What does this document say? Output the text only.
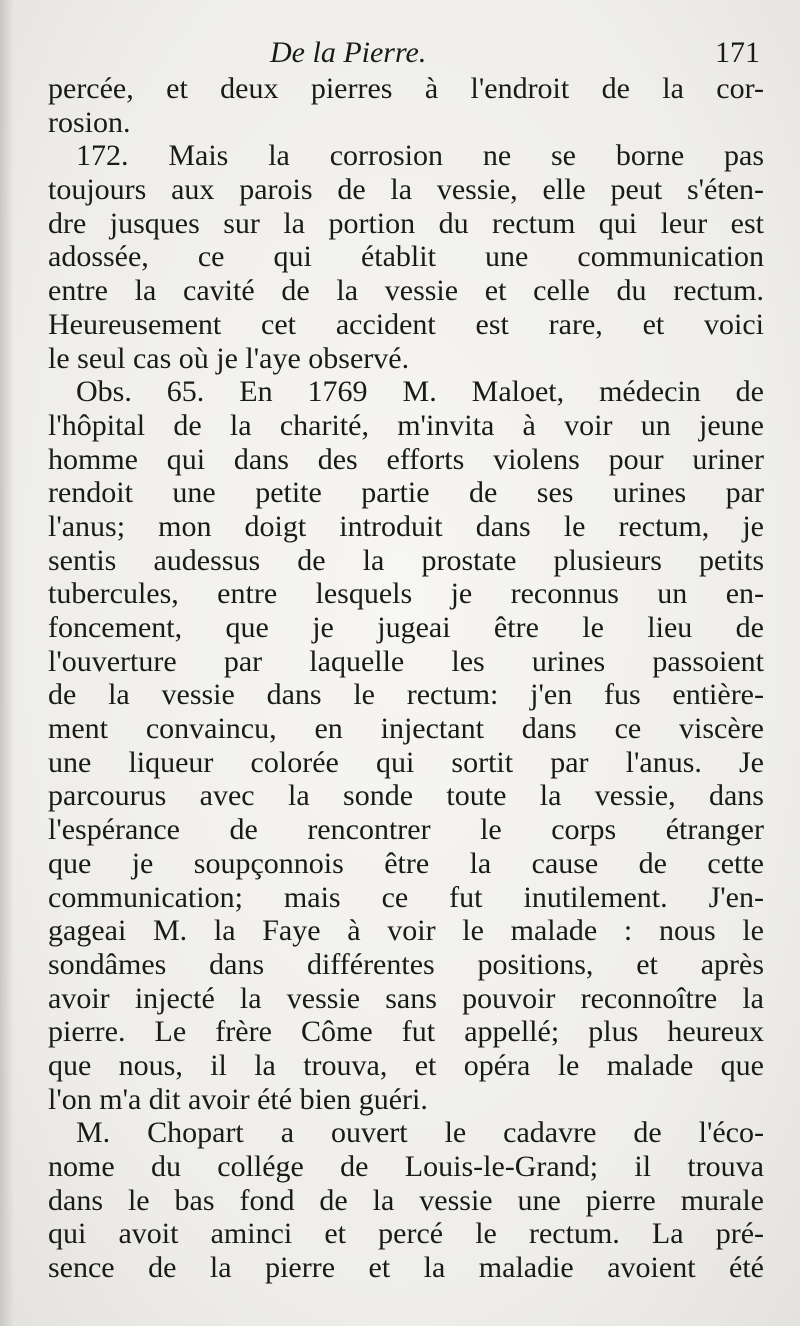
De la Pierre.	171
percée, et deux pierres à l'endroit de la cor-
rosion.
172. Mais la corrosion ne se borne pas
toujours aux parois de la vessie, elle peut s'éten-
dre jusques sur la portion du rectum qui leur est
adossée, ce qui établit une communication
entre la cavité de la vessie et celle du rectum.
Heureusement cet accident est rare, et voici
le seul cas où je l'aye observé.
Obs. 65. En 1769 M. Maloet, médecin de
l'hôpital de la charité, m'invita à voir un jeune
homme qui dans des efforts violens pour uriner
rendoit une petite partie de ses urines par
l'anus; mon doigt introduit dans le rectum, je
sentis audessus de la prostate plusieurs petits
tubercules, entre lesquels je reconnus un en-
foncement, que je jugeai être le lieu de
l'ouverture par laquelle les urines passoient
de la vessie dans le rectum: j'en fus entière-
ment convaincu, en injectant dans ce viscère
une liqueur colorée qui sortit par l'anus. Je
parcourus avec la sonde toute la vessie, dans
l'espérance de rencontrer le corps étranger
que je soupçonnois être la cause de cette
communication; mais ce fut inutilement. J'en-
gageai M. la Faye à voir le malade : nous le
sondâmes dans différentes positions, et après
avoir injecté la vessie sans pouvoir reconnoître la
pierre. Le frère Côme fut appellé; plus heureux
que nous, il la trouva, et opéra le malade que
l'on m'a dit avoir été bien guéri.
M. Chopart a ouvert le cadavre de l'éco-
nome du collége de Louis-le-Grand; il trouva
dans le bas fond de la vessie une pierre murale
qui avoit aminci et percé le rectum. La pré-
sence de la pierre et la maladie avoient été
